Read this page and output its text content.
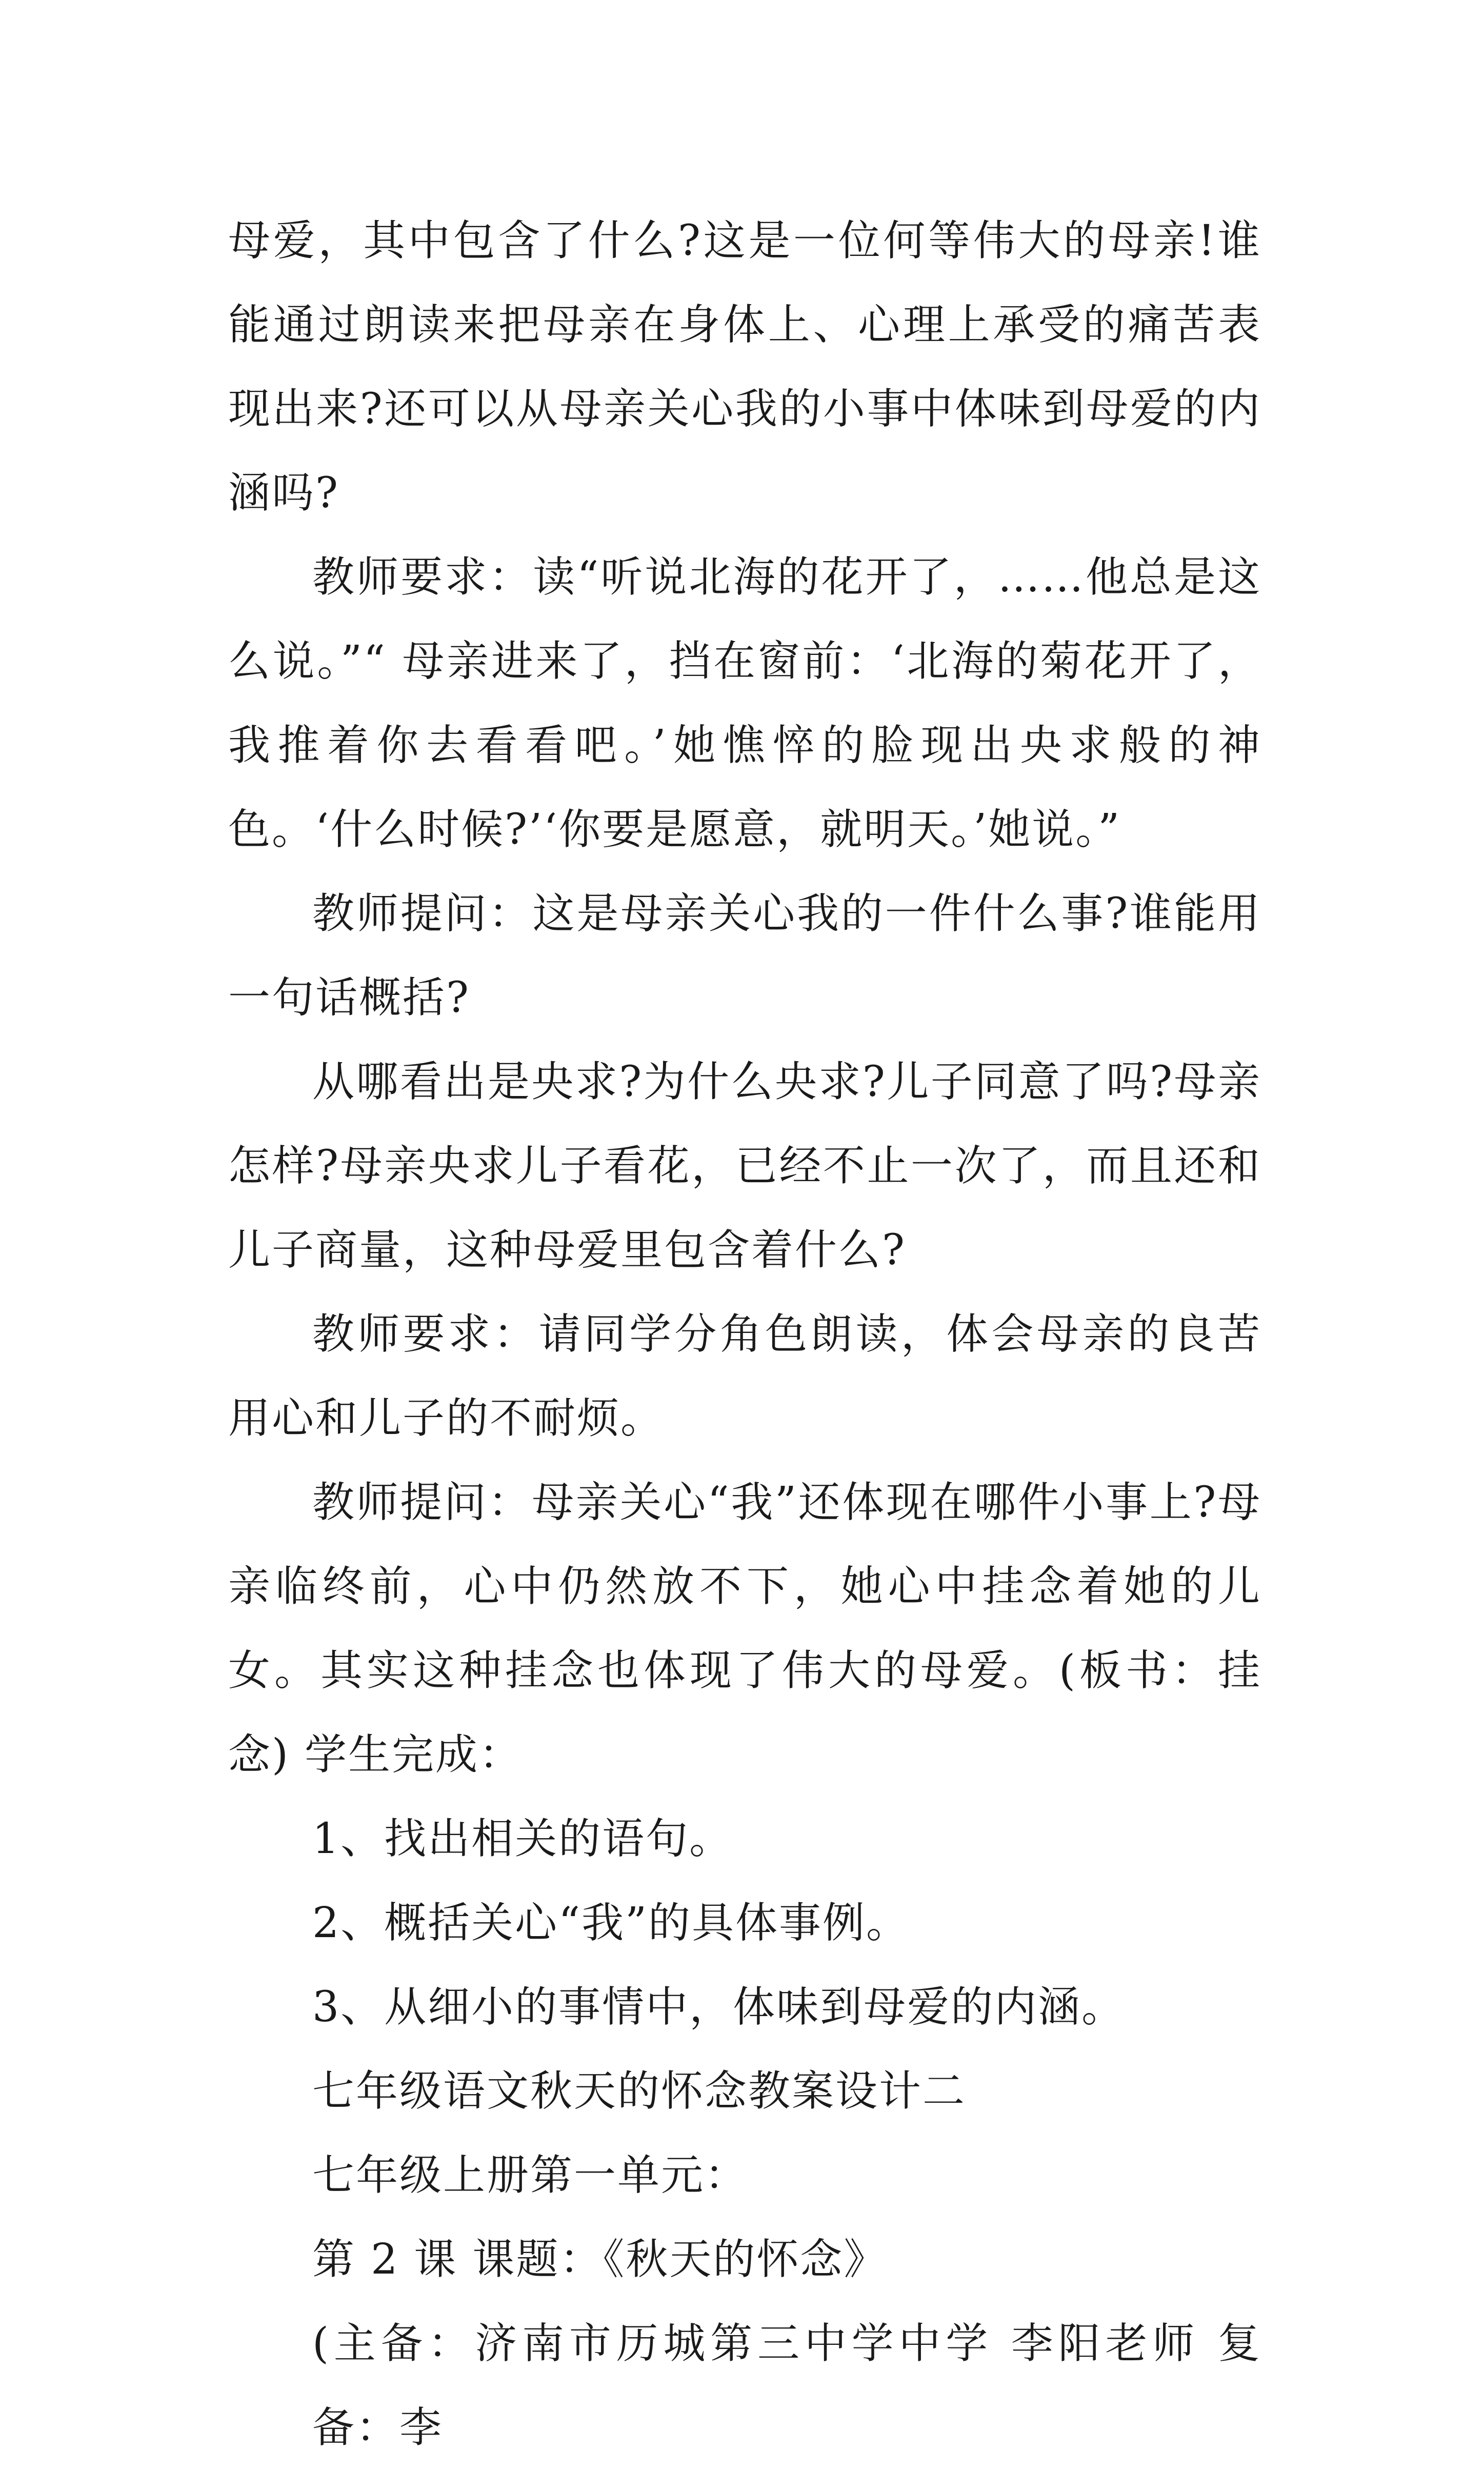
母爱，其中包含了什么?这是一位何等伟大的母亲!谁能通过朗读来把母亲在身体上、心理上承受的痛苦表现出来?还可以从母亲关心我的小事中体味到母爱的内涵吗?

教师要求：读“听说北海的花开了，……他总是这么说。”“ 母亲进来了，挡在窗前：‘北海的菊花开了，我推着你去看看吧。’她憔悴的脸现出央求般的神色。‘什么时候?’‘你要是愿意，就明天。’她说。”

教师提问：这是母亲关心我的一件什么事?谁能用一句话概括?

从哪看出是央求?为什么央求?儿子同意了吗?母亲怎样?母亲央求儿子看花，已经不止一次了，而且还和儿子商量，这种母爱里包含着什么?

教师要求：请同学分角色朗读，体会母亲的良苦用心和儿子的不耐烦。

教师提问：母亲关心“我”还体现在哪件小事上?母亲临终前，心中仍然放不下，她心中挂念着她的儿女。其实这种挂念也体现了伟大的母爱。(板书：挂念) 学生完成：

1、找出相关的语句。

2、概括关心“我”的具体事例。

3、从细小的事情中，体味到母爱的内涵。

七年级语文秋天的怀念教案设计二

七年级上册第一单元：

第 2 课 课题：《秋天的怀念》

(主备：济南市历城第三中学中学 李阳老师 复备：李
